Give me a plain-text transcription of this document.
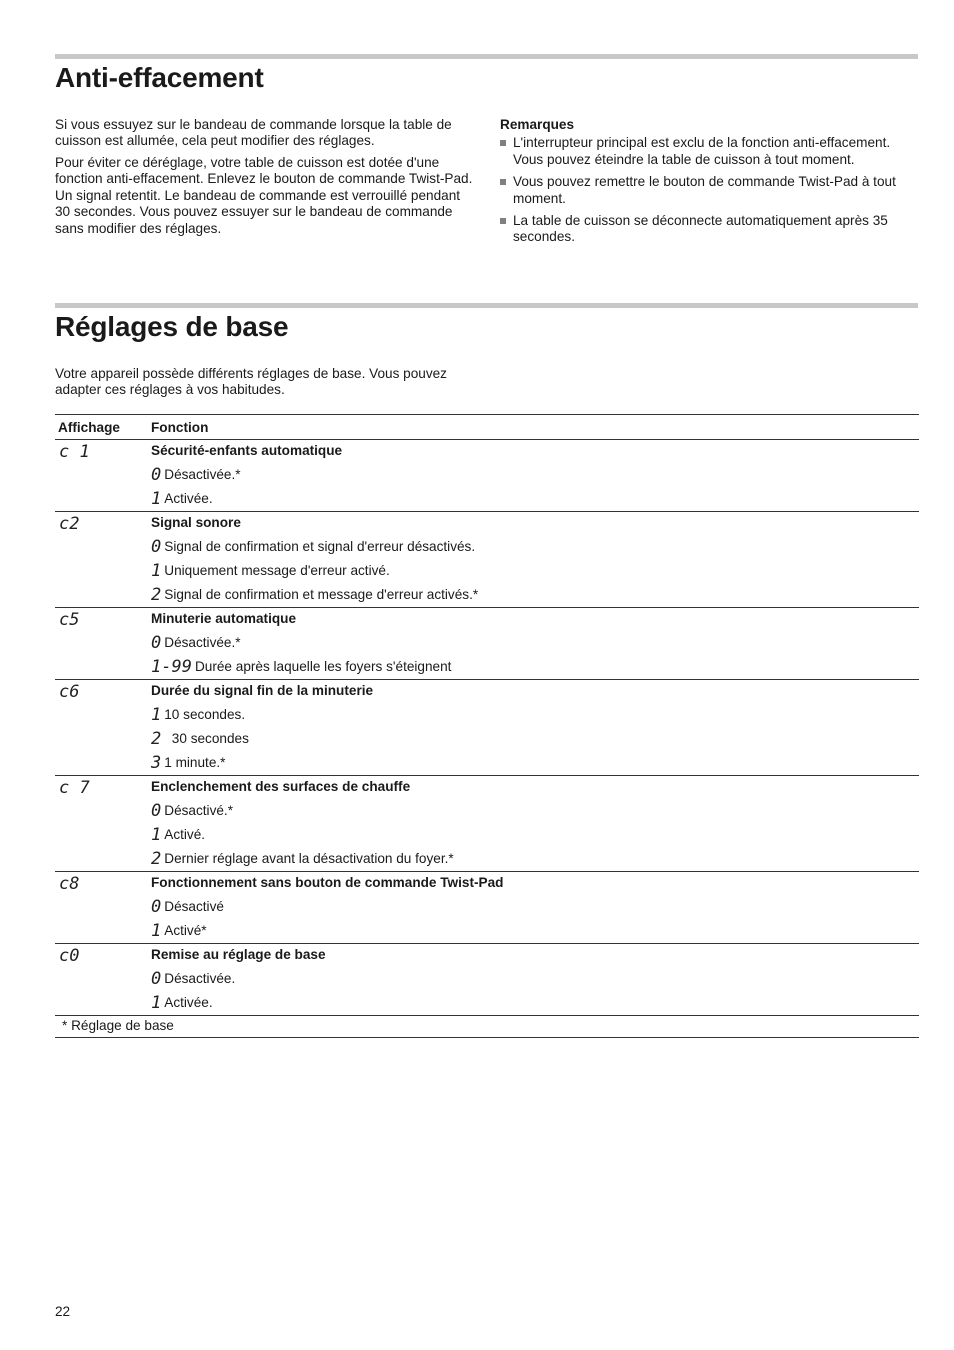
Anti-effacement

Si vous essuyez sur le bandeau de commande lorsque la table de cuisson est allumée, cela peut modifier des réglages.

Pour éviter ce déréglage, votre table de cuisson est dotée d'une fonction anti-effacement. Enlevez le bouton de commande Twist-Pad. Un signal retentit. Le bandeau de commande est verrouillé pendant 30 secondes. Vous pouvez essuyer sur le bandeau de commande sans modifier des réglages.

Remarques
L'interrupteur principal est exclu de la fonction anti-effacement. Vous pouvez éteindre la table de cuisson à tout moment.
Vous pouvez remettre le bouton de commande Twist-Pad à tout moment.
La table de cuisson se déconnecte automatiquement après 35 secondes.
Réglages de base

Votre appareil possède différents réglages de base. Vous pouvez adapter ces réglages à vos habitudes.

Affichage	Fonction
c 1	Sécurité-enfants automatique
0 Désactivée.*
1 Activée.
c2	Signal sonore
0 Signal de confirmation et signal d'erreur désactivés.
1 Uniquement message d'erreur activé.
2 Signal de confirmation et message d'erreur activés.*
c5	Minuterie automatique
0 Désactivée.*
1-99 Durée après laquelle les foyers s'éteignent
c6	Durée du signal fin de la minuterie
1 10 secondes.
2 30 secondes
3 1 minute.*
c 7	Enclenchement des surfaces de chauffe
0 Désactivé.*
1 Activé.
2 Dernier réglage avant la désactivation du foyer.*
c8	Fonctionnement sans bouton de commande Twist-Pad
0 Désactivé
1 Activé*
c0	Remise au réglage de base
0 Désactivée.
1 Activée.
* Réglage de base
22
